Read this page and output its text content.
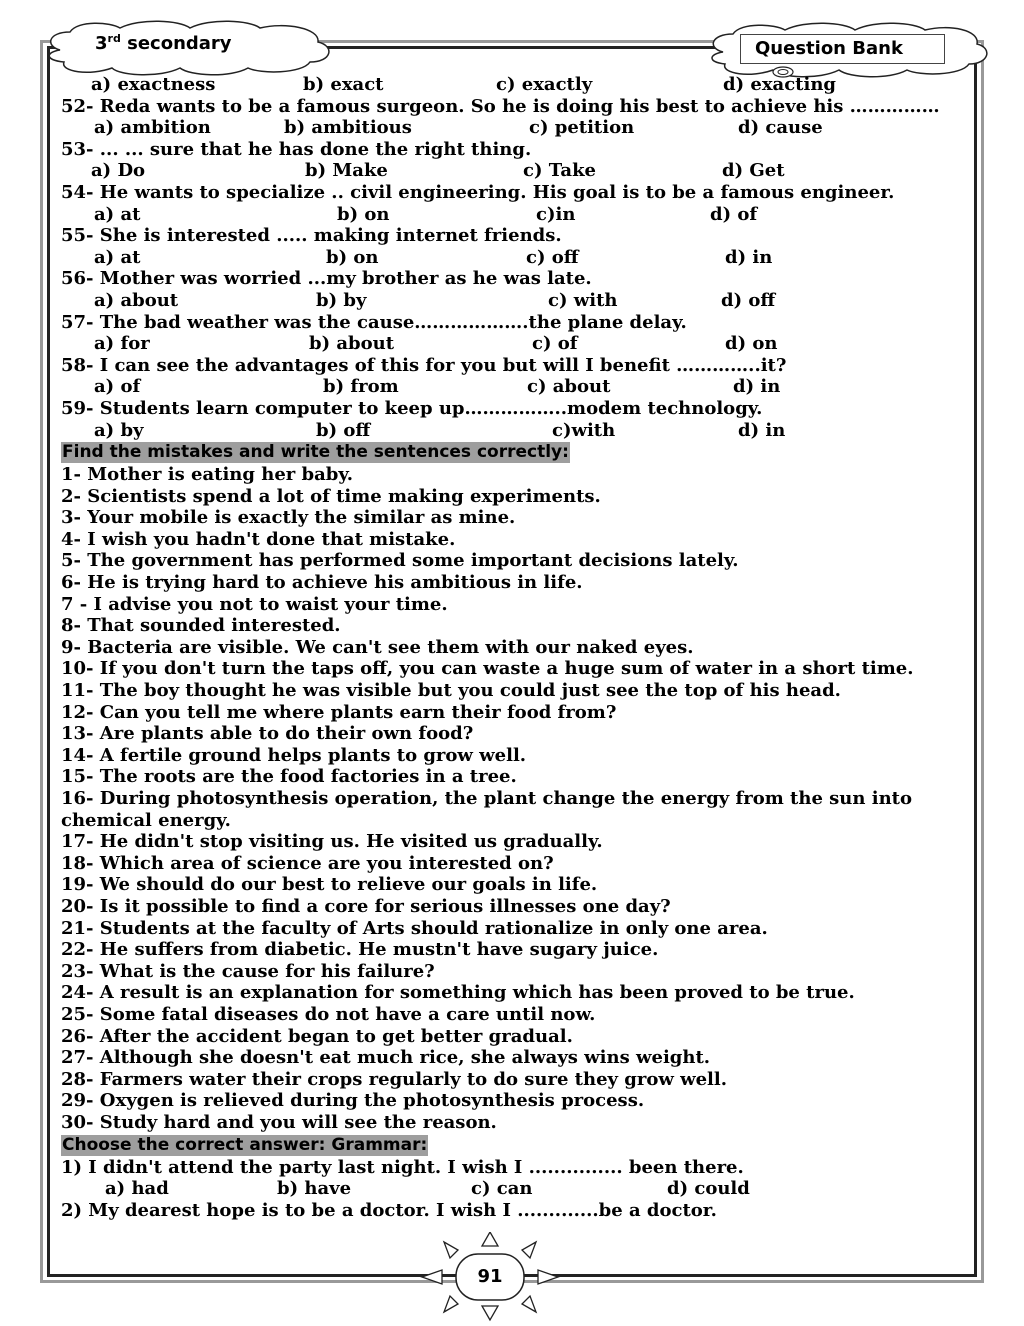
3rd secondary	Question Bank
a) exactness	b) exact	c) exactly	d) exacting
52- Reda wants to be a famous surgeon. So he is doing his best to achieve his ……………
a) ambition	b) ambitious	c) petition	d) cause
53- ... ... sure that he has done the right thing.
a) Do	b) Make	c) Take	d) Get
54- He wants to specialize .. civil engineering. His goal is to be a famous engineer.
a) at	b) on	c)in	d) of
55- She is interested ..... making internet friends.
a) at	b) on	c) off	d) in
56- Mother was worried ...my brother as he was late.
a) about	b) by	c) with	d) off
57- The bad weather was the cause……………….the plane delay.
a) for	b) about	c) of	d) on
58- I can see the advantages of this for you but will I benefit …………..it?
a) of	b) from	c) about	d) in
59- Students learn computer to keep up……………..modem technology.
a) by	b) off	c)with	d) in
Find the mistakes and write the sentences correctly:
1- Mother is eating her baby.
2- Scientists spend a lot of time making experiments.
3- Your mobile is exactly the similar as mine.
4- I wish you hadn't done that mistake.
5- The government has performed some important decisions lately.
6- He is trying hard to achieve his ambitious in life.
7 - I advise you not to waist your time.
8- That sounded interested.
9- Bacteria are visible. We can't see them with our naked eyes.
10- If you don't turn the taps off, you can waste a huge sum of water in a short time.
11- The boy thought he was visible but you could just see the top of his head.
12- Can you tell me where plants earn their food from?
13- Are plants able to do their own food?
14- A fertile ground helps plants to grow well.
15- The roots are the food factories in a tree.
16- During photosynthesis operation, the plant change the energy from the sun into chemical energy.
17- He didn't stop visiting us. He visited us gradually.
18- Which area of science are you interested on?
19- We should do our best to relieve our goals in life.
20- Is it possible to find a core for serious illnesses one day?
21- Students at the faculty of Arts should rationalize in only one area.
22- He suffers from diabetic. He mustn't have sugary juice.
23- What is the cause for his failure?
24- A result is an explanation for something which has been proved to be true.
25- Some fatal diseases do not have a care until now.
26- After the accident began to get better gradual.
27- Although she doesn't eat much rice, she always wins weight.
28- Farmers water their crops regularly to do sure they grow well.
29- Oxygen is relieved during the photosynthesis process.
30- Study hard and you will see the reason.
Choose the correct answer: Grammar:
1) I didn't attend the party last night. I wish I ............... been there.
a) had	b) have	c) can	d) could
2) My dearest hope is to be a doctor. I wish I .............be a doctor.
91
